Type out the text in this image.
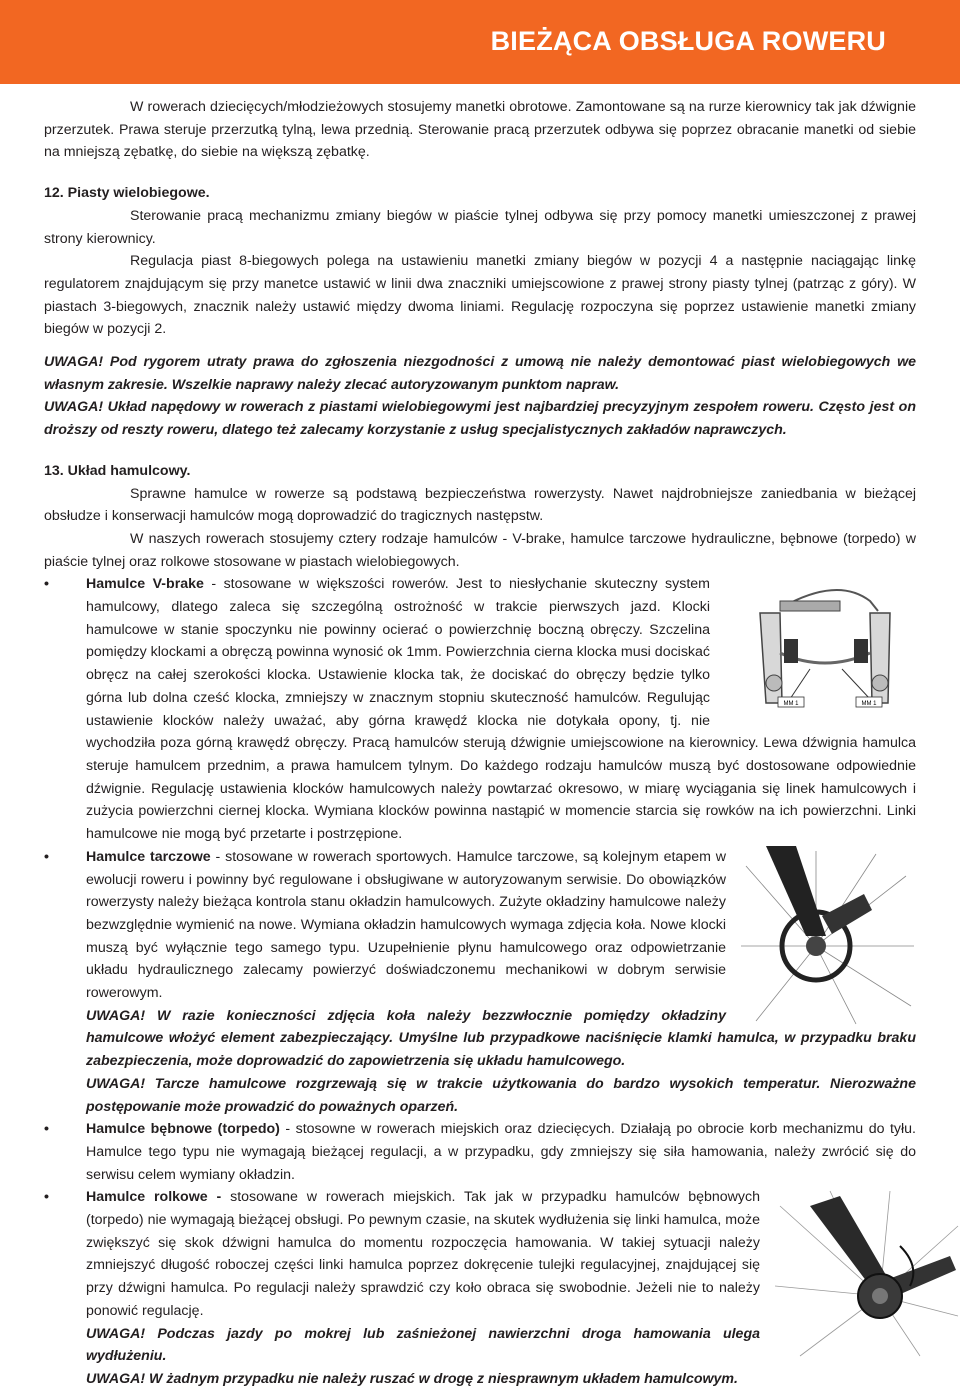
BIEŻĄCA OBSŁUGA ROWERU

W rowerach dziecięcych/młodzieżowych stosujemy manetki obrotowe. Zamontowane są na rurze kierownicy tak jak dźwignie przerzutek. Prawa steruje przerzutką tylną, lewa przednią. Sterowanie pracą przerzutek odbywa się poprzez obracanie manetki od siebie na mniejszą zębatkę, do siebie na większą zębatkę.

12. Piasty wielobiegowe.

Sterowanie pracą mechanizmu zmiany biegów w piaście tylnej odbywa się przy pomocy manetki umieszczonej z prawej strony kierownicy.

Regulacja piast 8-biegowych polega na ustawieniu manetki zmiany biegów w pozycji 4 a następnie naciągając linkę regulatorem znajdującym się przy manetce ustawić w linii dwa znaczniki umiejscowione z prawej strony piasty tylnej (patrząc z góry). W piastach 3-biegowych, znacznik należy ustawić między dwoma liniami. Regulację rozpoczyna się poprzez ustawienie manetki zmiany biegów w pozycji 2.

UWAGA! Pod rygorem utraty prawa do zgłoszenia niezgodności z umową nie należy demontować piast wielobiegowych we własnym zakresie. Wszelkie naprawy należy zlecać autoryzowanym punktom napraw.

UWAGA! Układ napędowy w rowerach z piastami wielobiegowymi jest najbardziej precyzyjnym zespołem roweru. Często jest on droższy od reszty roweru, dlatego też zalecamy korzystanie z usług specjalistycznych zakładów naprawczych.

13. Układ hamulcowy.

Sprawne hamulce w rowerze są podstawą bezpieczeństwa rowerzysty. Nawet najdrobniejsze zaniedbania w bieżącej obsłudze i konserwacji hamulców mogą doprowadzić do tragicznych następstw.

W naszych rowerach stosujemy cztery rodzaje hamulców - V-brake, hamulce tarczowe hydrauliczne, bębnowe (torpedo) w piaście tylnej oraz rolkowe stosowane w piastach wielobiegowych.

•
MM 1	MM 1

Hamulce V-brake - stosowane w większości rowerów. Jest to niesłychanie skuteczny system hamulcowy, dlatego zaleca się szczególną ostrożność w trakcie pierwszych jazd. Klocki hamulcowe w stanie spoczynku nie powinny ocierać o powierzchnię boczną obręczy. Szczelina pomiędzy klockami a obręczą powinna wynosić ok 1mm. Powierzchnia cierna klocka musi dociskać obręcz na całej szerokości klocka. Ustawienie klocka tak, że dociskać do obręczy będzie tylko górna lub dolna cześć klocka, zmniejszy w znacznym stopniu skuteczność hamulców. Regulując ustawienie klocków należy uważać, aby górna krawędź klocka nie dotykała opony, tj. nie wychodziła poza górną krawędź obręczy. Pracą hamulców sterują dźwignie umiejscowione na kierownicy. Lewa dźwignia hamulca steruje hamulcem przednim, a prawa hamulcem tylnym. Do każdego rodzaju hamulców muszą być dostosowane odpowiednie dźwignie. Regulację ustawienia klocków hamulcowych należy powtarzać okresowo, w miarę wyciągania się linek hamulcowych i zużycia powierzchni ciernej klocka. Wymiana klocków powinna nastąpić w momencie starcia się rowków na ich powierzchni. Linki hamulcowe nie mogą być przetarte i postrzępione.

•	Hamulce tarczowe - stosowane w rowerach sportowych. Hamulce tarczowe, są kolejnym etapem w ewolucji roweru i powinny być regulowane i obsługiwane w autoryzowanym serwisie. Do obowiązków rowerzysty należy bieżąca kontrola stanu okładzin hamulcowych. Zużyte okładziny hamulcowe należy bezwzględnie wymienić na nowe. Wymiana okładzin hamulcowych wymaga zdjęcia koła. Nowe klocki muszą być wyłącznie tego samego typu. Uzupełnienie płynu hamulcowego oraz odpowietrzanie układu hydraulicznego zalecamy powierzyć doświadczonemu mechanikowi w dobrym serwisie rowerowym.

UWAGA! W razie konieczności zdjęcia koła należy bezzwłocznie pomiędzy okładziny hamulcowe włożyć element zabezpieczający. Umyślne lub przypadkowe naciśnięcie klamki hamulca, w przypadku braku zabezpieczenia, może doprowadzić do zapowietrzenia się układu hamulcowego.

UWAGA! Tarcze hamulcowe rozgrzewają się w trakcie użytkowania do bardzo wysokich temperatur. Nierozważne postępowanie może prowadzić do poważnych oparzeń.

•	Hamulce bębnowe (torpedo) - stosowne w rowerach miejskich oraz dziecięcych. Działają po obrocie korb mechanizmu do tyłu. Hamulce tego typu nie wymagają bieżącej regulacji, a w przypadku, gdy zmniejszy się siła hamowania, należy zwrócić się do serwisu celem wymiany okładzin.

•	Hamulce rolkowe - stosowane w rowerach miejskich. Tak jak w przypadku hamulców bębnowych (torpedo) nie wymagają bieżącej obsługi. Po pewnym czasie, na skutek wydłużenia się linki hamulca, może zwiększyć się skok dźwigni hamulca do momentu rozpoczęcia hamowania. W takiej sytuacji należy zmniejszyć długość roboczej części linki hamulca poprzez dokręcenie tulejki regulacyjnej, znajdującej się przy dźwigni hamulca. Po regulacji należy sprawdzić czy koło obraca się swobodnie. Jeżeli nie to należy ponowić regulację.

UWAGA! Podczas jazdy po mokrej lub zaśnieżonej nawierzchni droga hamowania ulega wydłużeniu.

UWAGA! W żadnym przypadku nie należy ruszać w drogę z niesprawnym układem hamulcowym.
